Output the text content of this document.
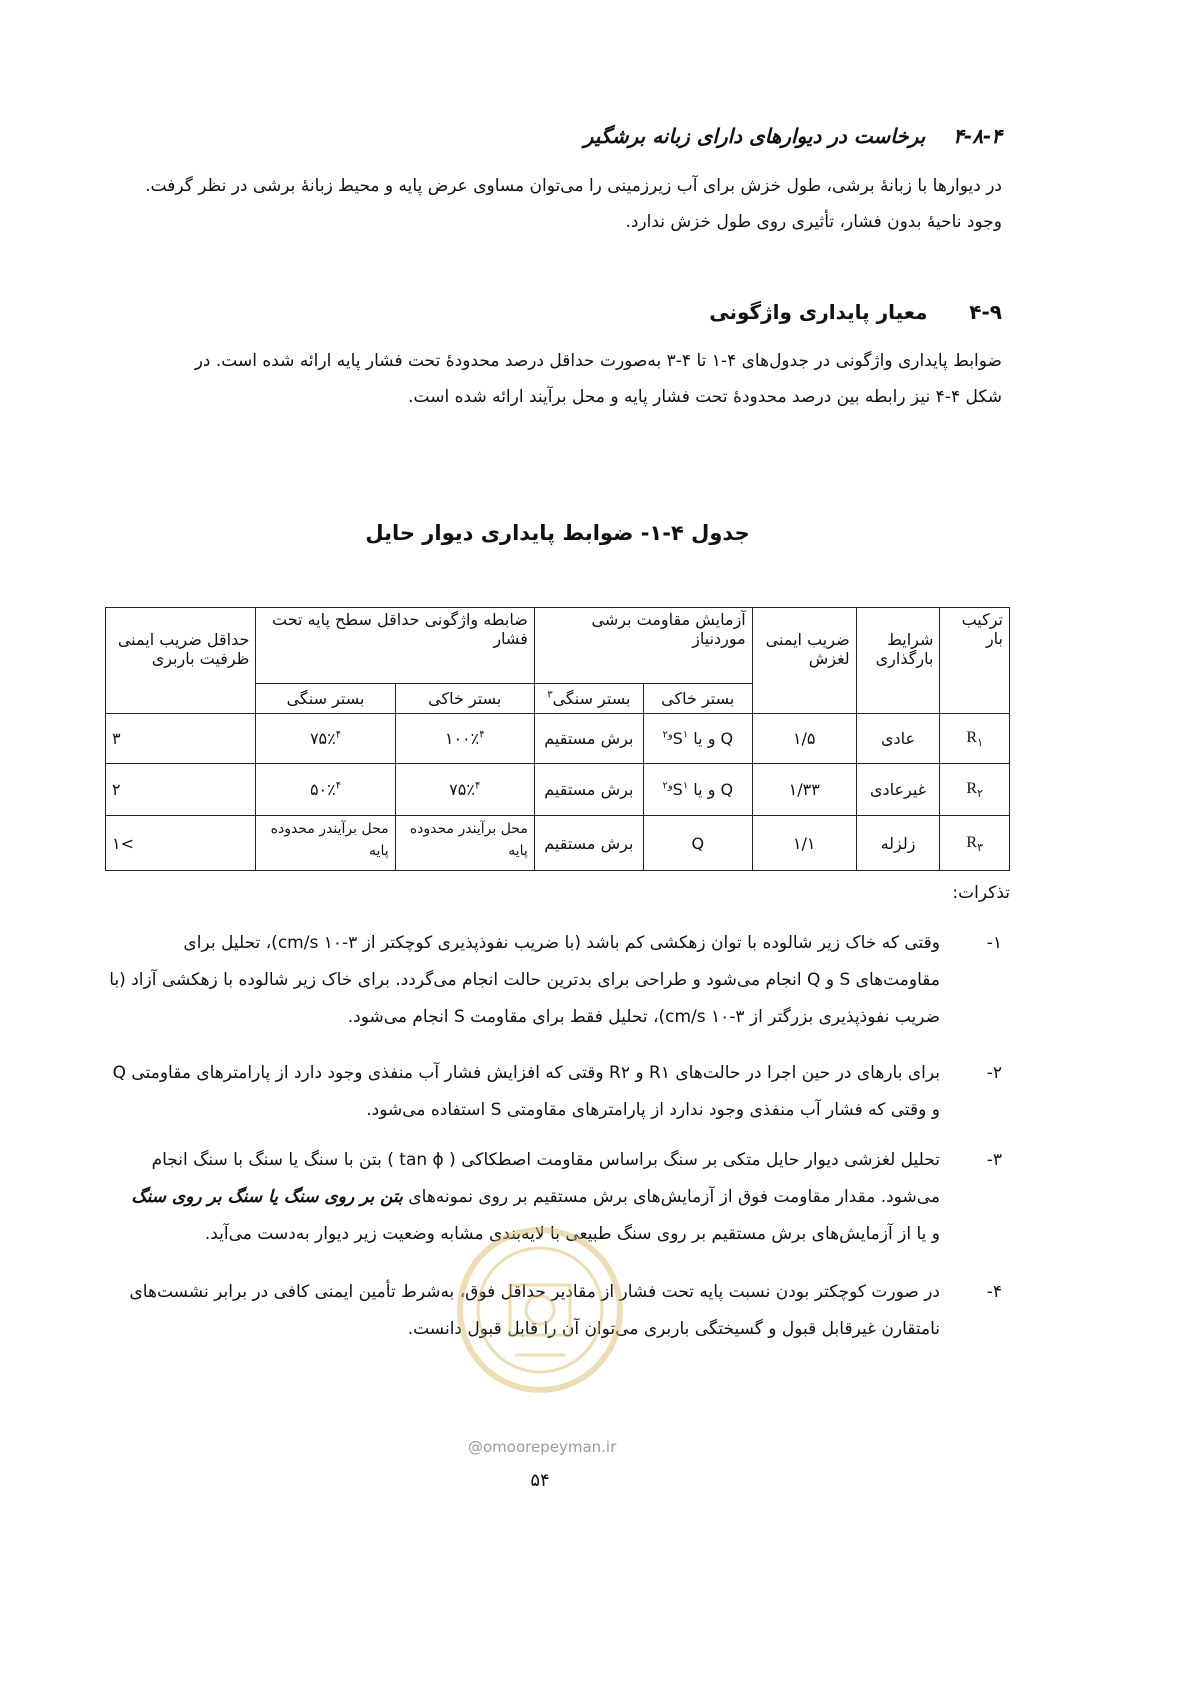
۴-۸-۴    برخاست در دیوارهای دارای زبانه برشگیر
در دیوارها با زبانهٔ برشی، طول خزش برای آب زیرزمینی را می‌توان مساوی عرض پایه و محیط زبانهٔ برشی در نظر گرفت.
وجود ناحیهٔ بدون فشار، تأثیری روی طول خزش ندارد.
۴-۹      معیار پایداری واژگونی
ضوابط پایداری واژگونی در جدول‌های ۴-۱ تا ۴-۳ به‌صورت حداقل درصد محدودهٔ تحت فشار پایه ارائه شده است. در
شکل ۴-۴ نیز رابطه بین درصد محدودهٔ تحت فشار پایه و محل برآیند ارائه شده است.
جدول ۴-۱- ضوابط پایداری دیوار حایل
ترکیب بار	شرایط بارگذاری	ضریب ایمنی لغزش	آزمایش مقاومت برشی موردنیاز		ضابطه واژگونی حداقل سطح پایه تحت فشار		حداقل ضریب ایمنی ظرفیت باربری
			بستر خاکی	بستر سنگی$^۳$	بستر خاکی	بستر سنگی	
$R_۱$	عادی	۱/۵	Q و یا $S^{۱و۲}$	برش مستقیم	۱۰۰٪$^۴$	۷۵٪$^۴$	۳
$R_۲$	غیرعادی	۱/۳۳	Q و یا $S^{۱و۲}$	برش مستقیم	۷۵٪$^۴$	۵۰٪$^۴$	۲
$R_۳$	زلزله	۱/۱	Q	برش مستقیم	محل برآیندر محدوده پایه	محل برآیندر محدوده پایه	۱<
تذکرات:
۱-
وقتی که خاک زیر شالوده با توان زهکشی کم باشد (با ضریب نفوذپذیری کوچکتر از cm/s ۱۰-۳)، تحلیل برای
مقاومت‌های S و Q انجام می‌شود و طراحی برای بدترین حالت انجام می‌گردد. برای خاک زیر شالوده با زهکشی آزاد (با
ضریب نفوذپذیری بزرگتر از cm/s ۱۰-۳)، تحلیل فقط برای مقاومت S انجام می‌شود.
۲-
برای بارهای در حین اجرا در حالت‌های R۱ و R۲ وقتی که افزایش فشار آب منفذی وجود دارد از پارامترهای مقاومتی Q
و وقتی که فشار آب منفذی وجود ندارد از پارامترهای مقاومتی S استفاده می‌شود.
۳-
تحلیل لغزشی دیوار حایل متکی بر سنگ براساس مقاومت اصطکاکی ( tan ϕ ) بتن با سنگ یا سنگ با سنگ انجام
می‌شود. مقدار مقاومت فوق از آزمایش‌های برش مستقیم بر روی نمونه‌های بتن بر روی سنگ یا سنگ بر روی سنگ
و یا از آزمایش‌های برش مستقیم بر روی سنگ طبیعی با لایه‌بندی مشابه وضعیت زیر دیوار به‌دست می‌آید.
۴-
در صورت کوچکتر بودن نسبت پایه تحت فشار از مقادیر حداقل فوق، به‌شرط تأمین ایمنی کافی در برابر نشست‌های
نامتقارن غیرقابل قبول و گسیختگی باربری می‌توان آن را قابل قبول دانست.
@omoorepeyman.ir
۵۴
